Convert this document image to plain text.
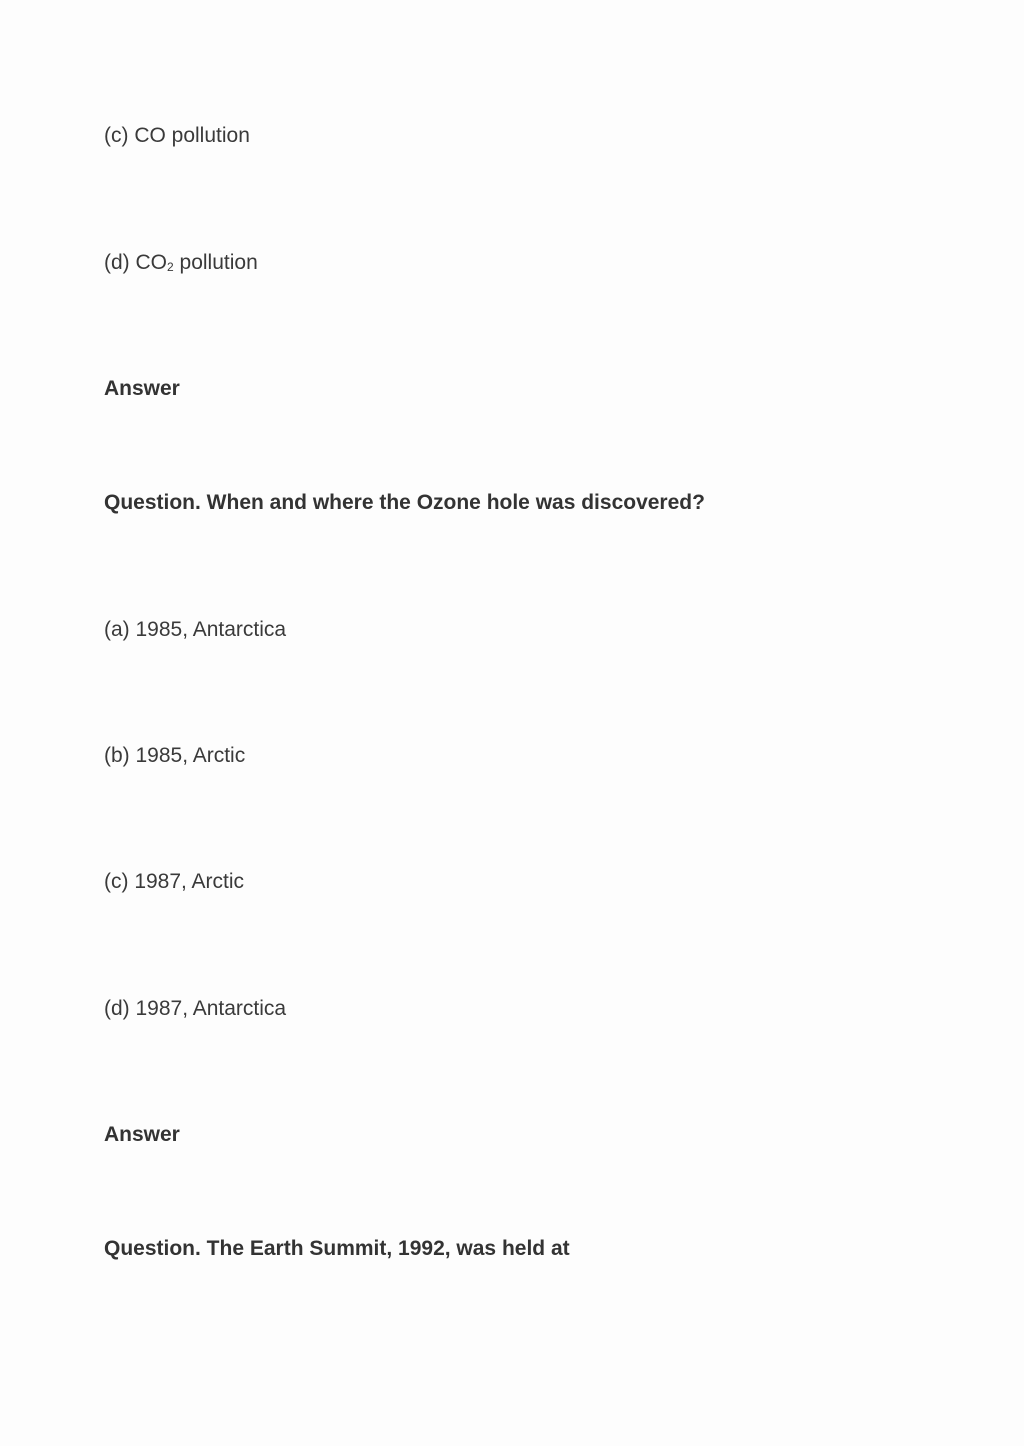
(c) CO pollution
(d) CO2 pollution
Answer
Question. When and where the Ozone hole was discovered?
(a) 1985, Antarctica
(b) 1985, Arctic
(c) 1987, Arctic
(d) 1987, Antarctica
Answer
Question. The Earth Summit, 1992, was held at
